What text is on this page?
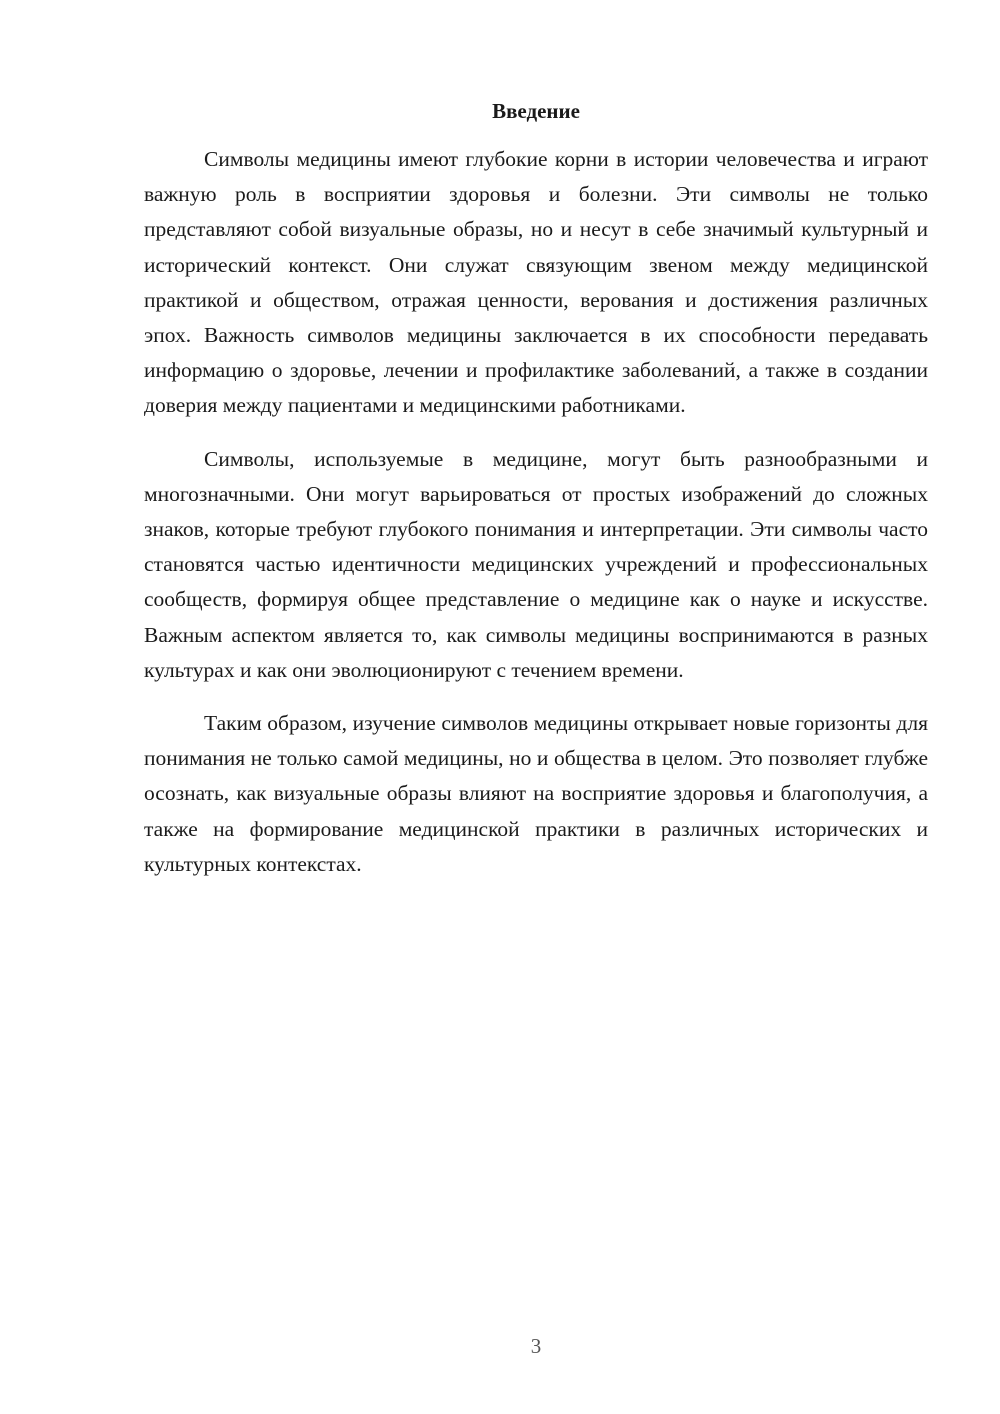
Введение

Символы медицины имеют глубокие корни в истории человечества и играют важную роль в восприятии здоровья и болезни. Эти символы не только представляют собой визуальные образы, но и несут в себе значимый культурный и исторический контекст. Они служат связующим звеном между медицинской практикой и обществом, отражая ценности, верования и достижения различных эпох. Важность символов медицины заключается в их способности передавать информацию о здоровье, лечении и профилактике заболеваний, а также в создании доверия между пациентами и медицинскими работниками.

Символы, используемые в медицине, могут быть разнообразными и многозначными. Они могут варьироваться от простых изображений до сложных знаков, которые требуют глубокого понимания и интерпретации. Эти символы часто становятся частью идентичности медицинских учреждений и профессиональных сообществ, формируя общее представление о медицине как о науке и искусстве. Важным аспектом является то, как символы медицины воспринимаются в разных культурах и как они эволюционируют с течением времени.

Таким образом, изучение символов медицины открывает новые горизонты для понимания не только самой медицины, но и общества в целом. Это позволяет глубже осознать, как визуальные образы влияют на восприятие здоровья и благополучия, а также на формирование медицинской практики в различных исторических и культурных контекстах.

3
